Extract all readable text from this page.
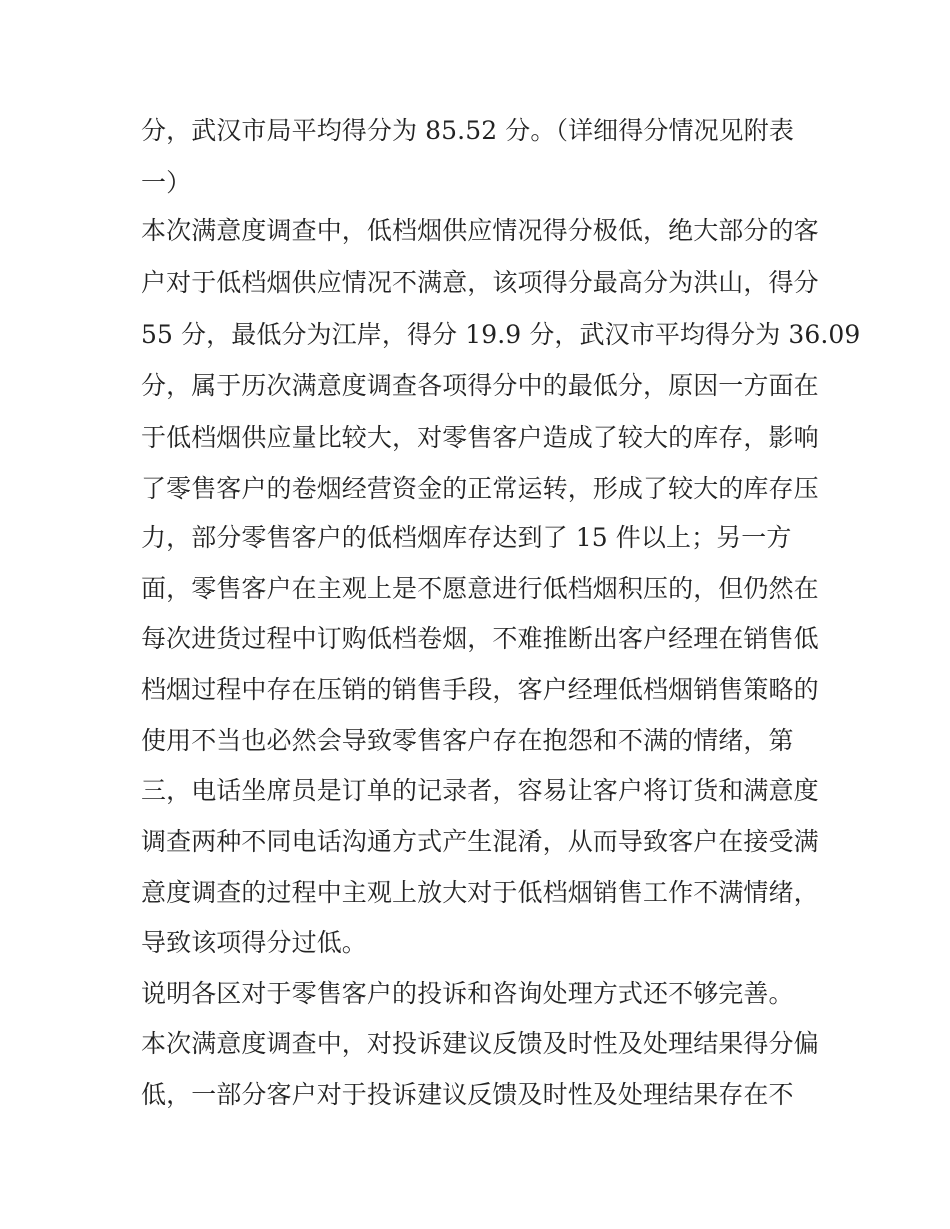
分，武汉市局平均得分为 85.52 分。（详细得分情况见附表
一）
本次满意度调查中，低档烟供应情况得分极低，绝大部分的客
户对于低档烟供应情况不满意，该项得分最高分为洪山，得分
55 分，最低分为江岸，得分 19.9 分，武汉市平均得分为 36.09
分，属于历次满意度调查各项得分中的最低分，原因一方面在
于低档烟供应量比较大，对零售客户造成了较大的库存，影响
了零售客户的卷烟经营资金的正常运转，形成了较大的库存压
力，部分零售客户的低档烟库存达到了 15 件以上；另一方
面，零售客户在主观上是不愿意进行低档烟积压的，但仍然在
每次进货过程中订购低档卷烟，不难推断出客户经理在销售低
档烟过程中存在压销的销售手段，客户经理低档烟销售策略的
使用不当也必然会导致零售客户存在抱怨和不满的情绪，第
三，电话坐席员是订单的记录者，容易让客户将订货和满意度
调查两种不同电话沟通方式产生混淆，从而导致客户在接受满
意度调查的过程中主观上放大对于低档烟销售工作不满情绪，
导致该项得分过低。
说明各区对于零售客户的投诉和咨询处理方式还不够完善。
本次满意度调查中，对投诉建议反馈及时性及处理结果得分偏
低，一部分客户对于投诉建议反馈及时性及处理结果存在不
